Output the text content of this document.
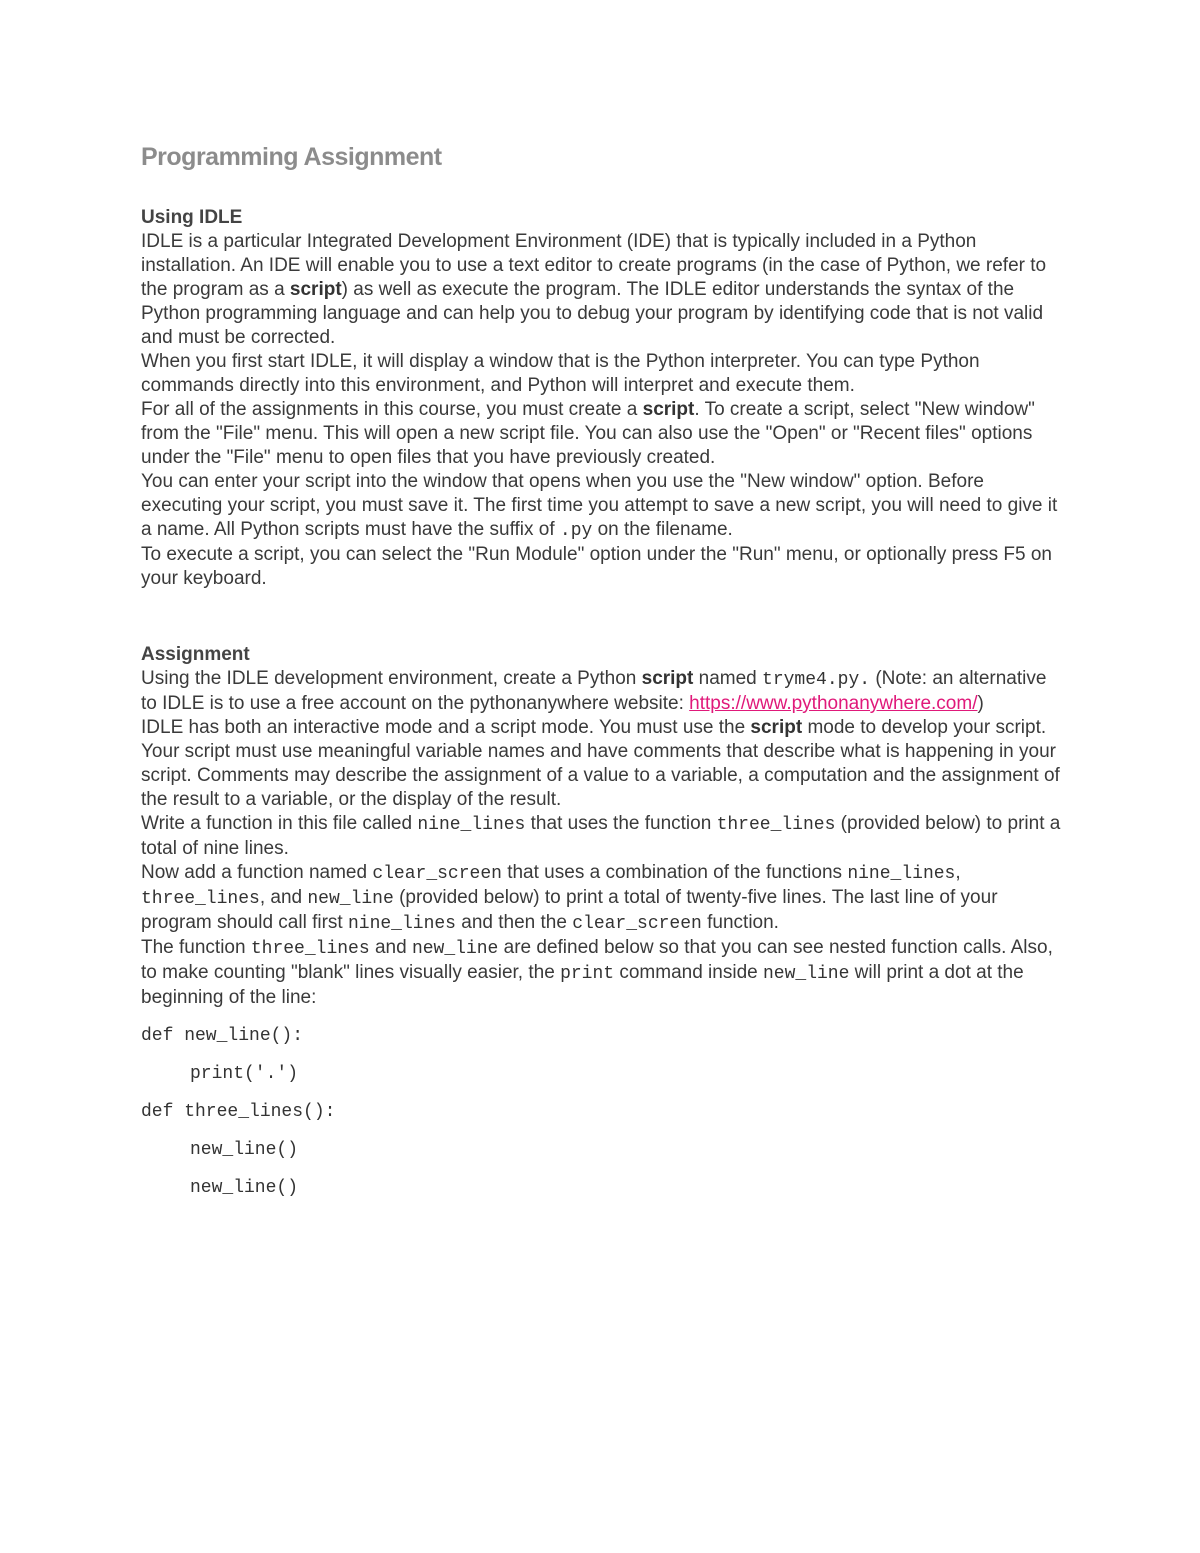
Programming Assignment
Using IDLE

IDLE is a particular Integrated Development Environment (IDE) that is typically included in a Python installation. An IDE will enable you to use a text editor to create programs (in the case of Python, we refer to the program as a script) as well as execute the program. The IDLE editor understands the syntax of the Python programming language and can help you to debug your program by identifying code that is not valid and must be corrected.

When you first start IDLE, it will display a window that is the Python interpreter. You can type Python commands directly into this environment, and Python will interpret and execute them.

For all of the assignments in this course, you must create a script. To create a script, select "New window" from the "File" menu. This will open a new script file. You can also use the "Open" or "Recent files" options under the "File" menu to open files that you have previously created.

You can enter your script into the window that opens when you use the "New window" option. Before executing your script, you must save it. The first time you attempt to save a new script, you will need to give it a name. All Python scripts must have the suffix of .py on the filename.

To execute a script, you can select the "Run Module" option under the "Run" menu, or optionally press F5 on your keyboard.

Assignment

Using the IDLE development environment, create a Python script named tryme4.py. (Note: an alternative to IDLE is to use a free account on the pythonanywhere website: https://www.pythonanywhere.com/)

IDLE has both an interactive mode and a script mode. You must use the script mode to develop your script. Your script must use meaningful variable names and have comments that describe what is happening in your script. Comments may describe the assignment of a value to a variable, a computation and the assignment of the result to a variable, or the display of the result.

Write a function in this file called nine_lines that uses the function three_lines (provided below) to print a total of nine lines.

Now add a function named clear_screen that uses a combination of the functions nine_lines, three_lines, and new_line (provided below) to print a total of twenty-five lines. The last line of your program should call first nine_lines and then the clear_screen function.

The function three_lines and new_line are defined below so that you can see nested function calls. Also, to make counting "blank" lines visually easier, the print command inside new_line will print a dot at the beginning of the line:

def new_line():
print('.')
def three_lines():
new_line()
new_line()
